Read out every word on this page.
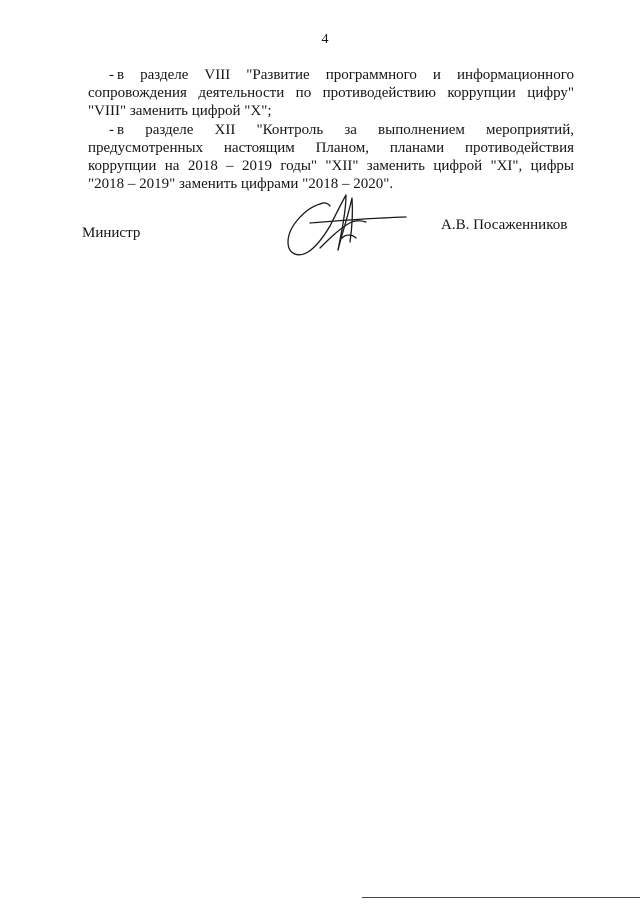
4
- в разделе VIII "Развитие программного и информационного
сопровождения деятельности по противодействию коррупции цифру"
"VIII" заменить цифрой "X";
- в разделе XII "Контроль за выполнением мероприятий,
предусмотренных настоящим Планом, планами противодействия
коррупции на 2018 – 2019 годы" "XII" заменить цифрой "XI", цифры
"2018 – 2019" заменить цифрами "2018 – 2020".
Министр	А.В. Посаженников
